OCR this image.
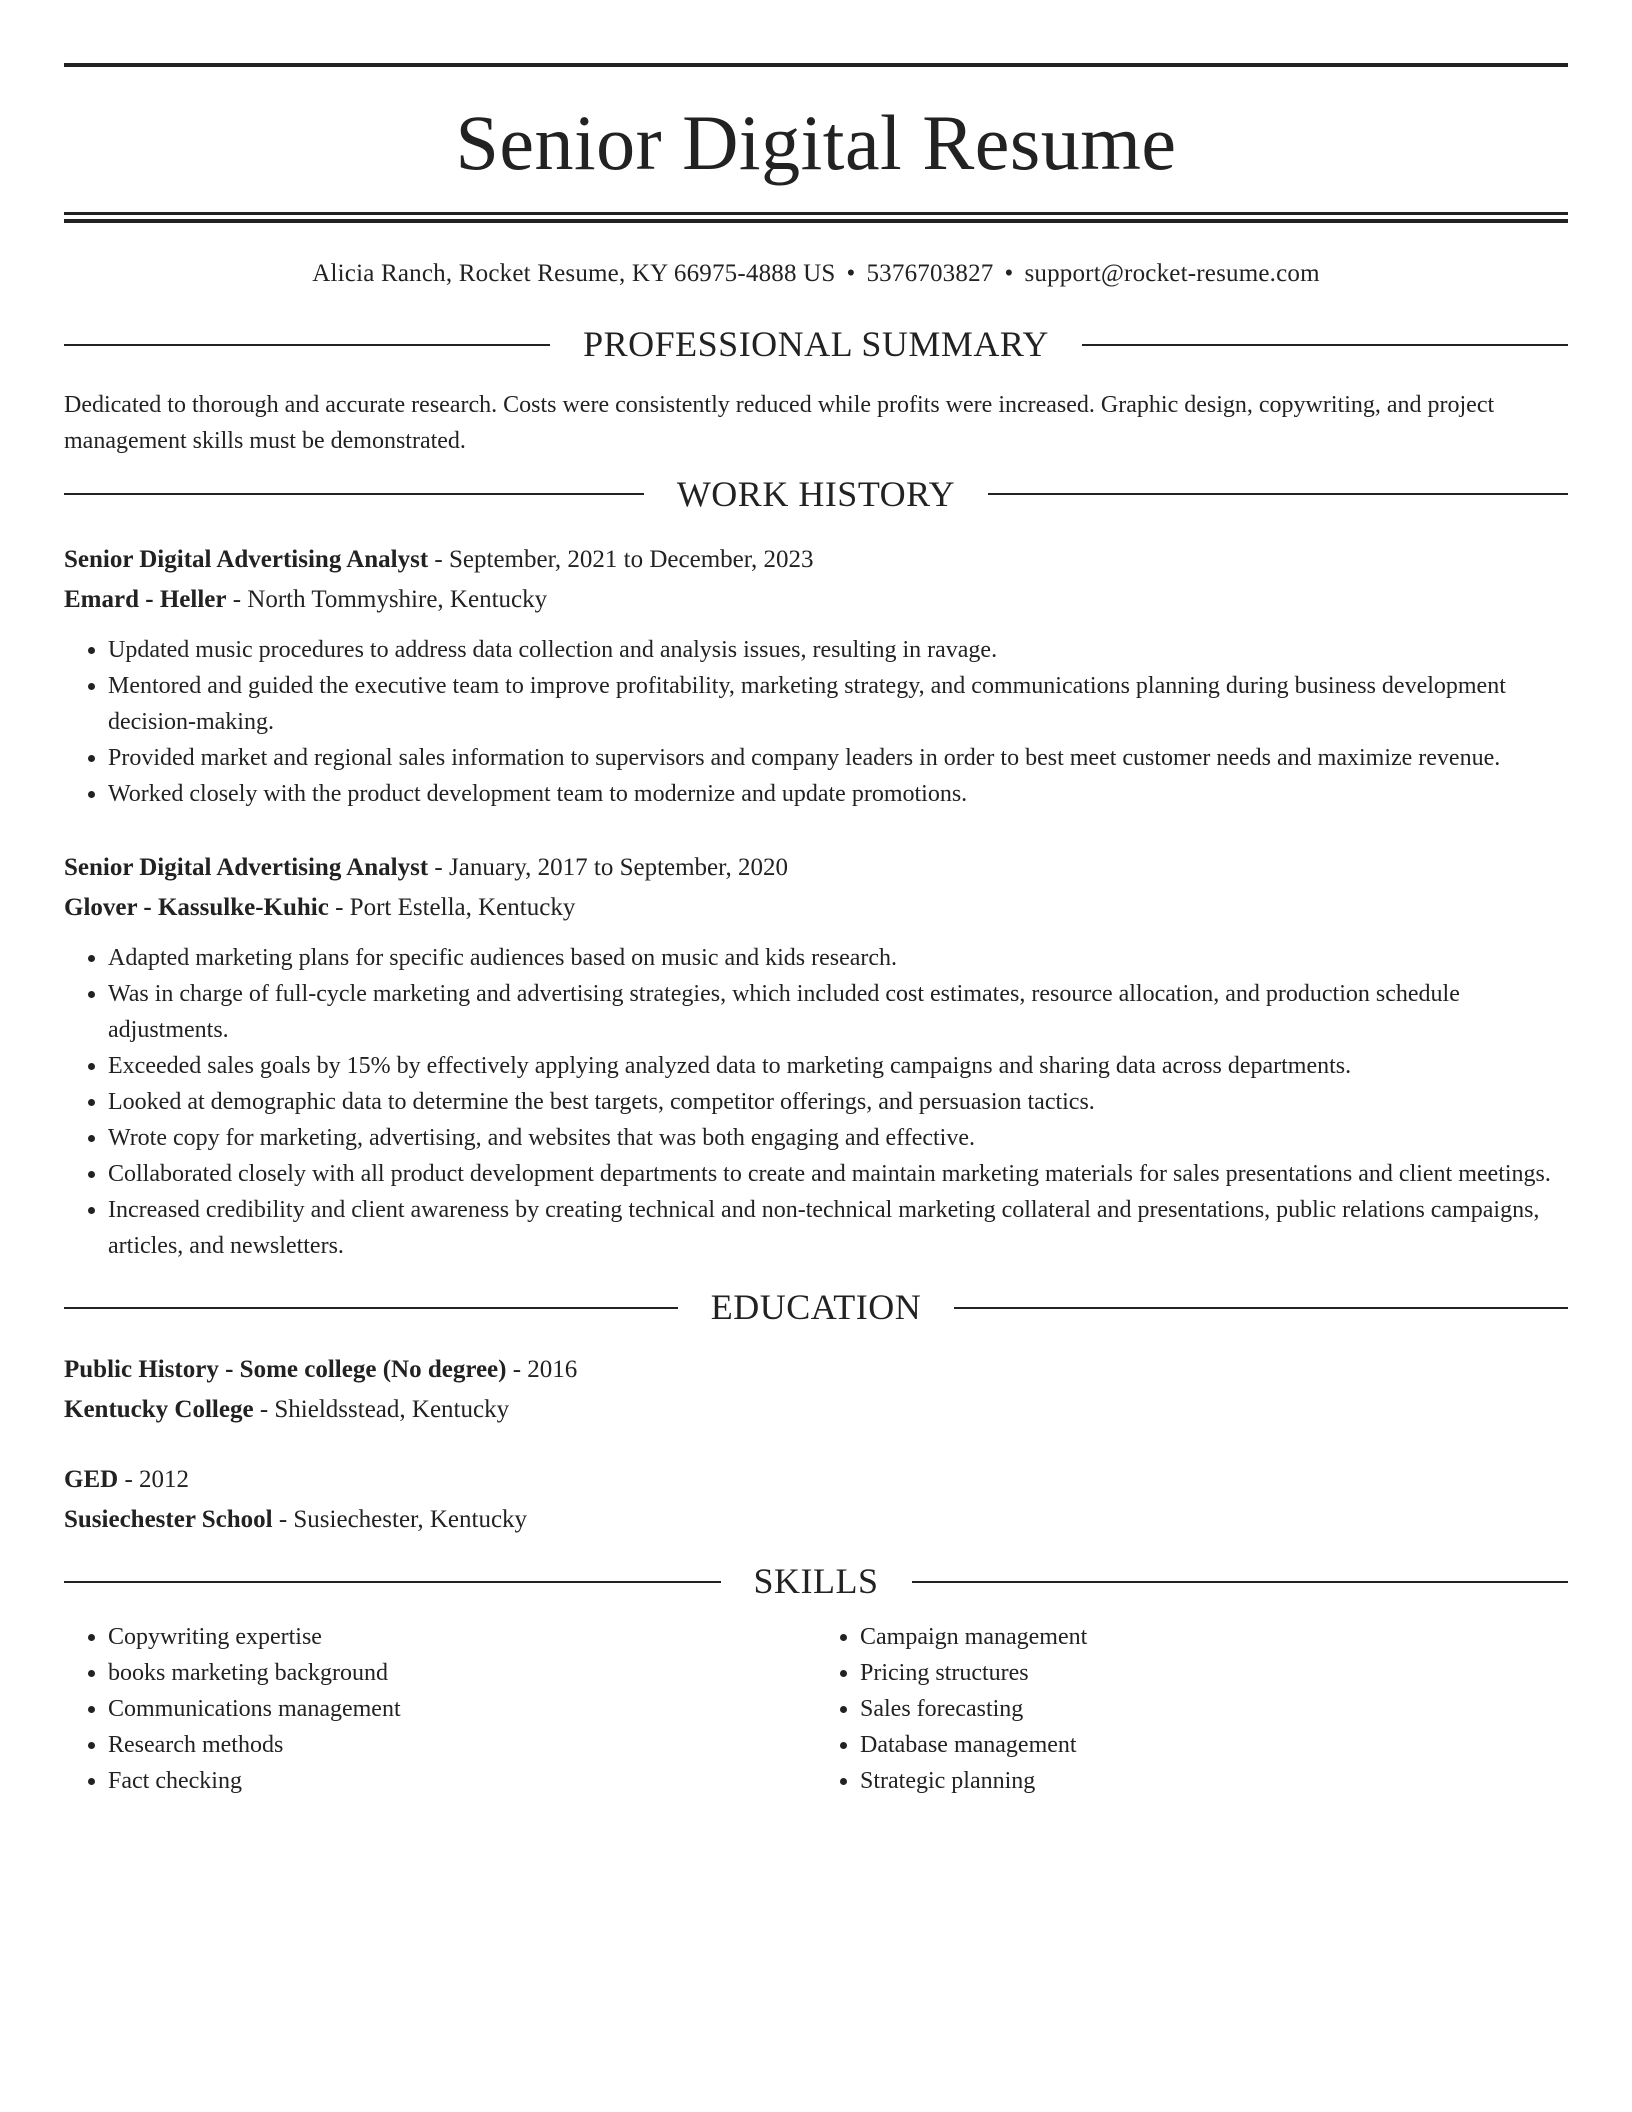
Senior Digital Resume
Alicia Ranch, Rocket Resume, KY 66975-4888 US • 5376703827 • support@rocket-resume.com
PROFESSIONAL SUMMARY
Dedicated to thorough and accurate research. Costs were consistently reduced while profits were increased. Graphic design, copywriting, and project management skills must be demonstrated.
WORK HISTORY
Senior Digital Advertising Analyst - September, 2021 to December, 2023
Emard - Heller - North Tommyshire, Kentucky
• Updated music procedures to address data collection and analysis issues, resulting in ravage.
• Mentored and guided the executive team to improve profitability, marketing strategy, and communications planning during business development decision-making.
• Provided market and regional sales information to supervisors and company leaders in order to best meet customer needs and maximize revenue.
• Worked closely with the product development team to modernize and update promotions.
Senior Digital Advertising Analyst - January, 2017 to September, 2020
Glover - Kassulke-Kuhic - Port Estella, Kentucky
• Adapted marketing plans for specific audiences based on music and kids research.
• Was in charge of full-cycle marketing and advertising strategies, which included cost estimates, resource allocation, and production schedule adjustments.
• Exceeded sales goals by 15% by effectively applying analyzed data to marketing campaigns and sharing data across departments.
• Looked at demographic data to determine the best targets, competitor offerings, and persuasion tactics.
• Wrote copy for marketing, advertising, and websites that was both engaging and effective.
• Collaborated closely with all product development departments to create and maintain marketing materials for sales presentations and client meetings.
• Increased credibility and client awareness by creating technical and non-technical marketing collateral and presentations, public relations campaigns, articles, and newsletters.
EDUCATION
Public History - Some college (No degree) - 2016
Kentucky College - Shieldsstead, Kentucky
GED - 2012
Susiechester School - Susiechester, Kentucky
SKILLS
• Copywriting expertise
• books marketing background
• Communications management
• Research methods
• Fact checking
• Campaign management
• Pricing structures
• Sales forecasting
• Database management
• Strategic planning
